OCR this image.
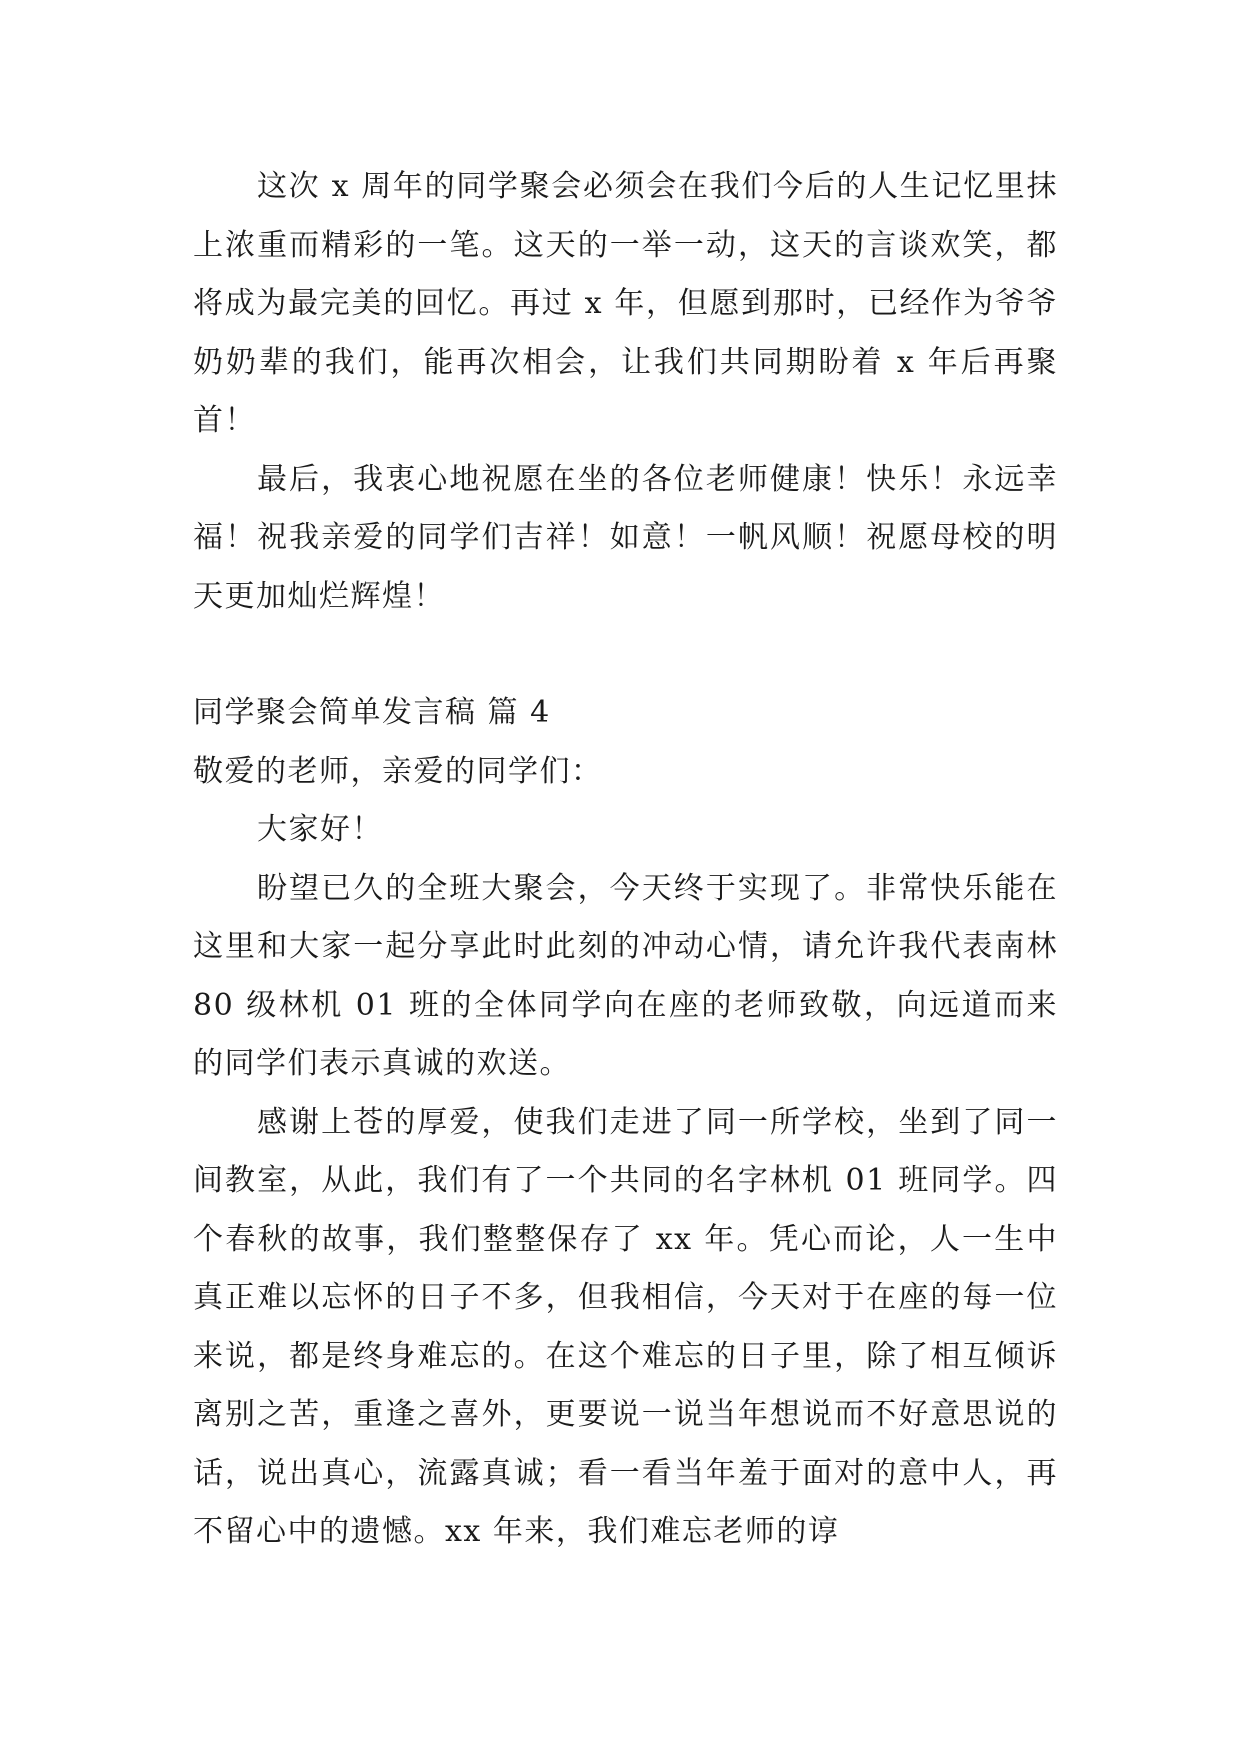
这次 x 周年的同学聚会必须会在我们今后的人生记忆里抹上浓重而精彩的一笔。这天的一举一动，这天的言谈欢笑，都将成为最完美的回忆。再过 x 年，但愿到那时，已经作为爷爷奶奶辈的我们，能再次相会，让我们共同期盼着 x 年后再聚首！

最后，我衷心地祝愿在坐的各位老师健康！快乐！永远幸福！祝我亲爱的同学们吉祥！如意！一帆风顺！祝愿母校的明天更加灿烂辉煌！

同学聚会简单发言稿 篇 4

敬爱的老师，亲爱的同学们：

大家好！

盼望已久的全班大聚会，今天终于实现了。非常快乐能在这里和大家一起分享此时此刻的冲动心情，请允许我代表南林 80 级林机 01 班的全体同学向在座的老师致敬，向远道而来的同学们表示真诚的欢送。

感谢上苍的厚爱，使我们走进了同一所学校，坐到了同一间教室，从此，我们有了一个共同的名字林机 01 班同学。四个春秋的故事，我们整整保存了 xx 年。凭心而论，人一生中真正难以忘怀的日子不多，但我相信，今天对于在座的每一位来说，都是终身难忘的。在这个难忘的日子里，除了相互倾诉离别之苦，重逢之喜外，更要说一说当年想说而不好意思说的话，说出真心，流露真诚；看一看当年羞于面对的意中人，再不留心中的遗憾。xx 年来，我们难忘老师的谆
